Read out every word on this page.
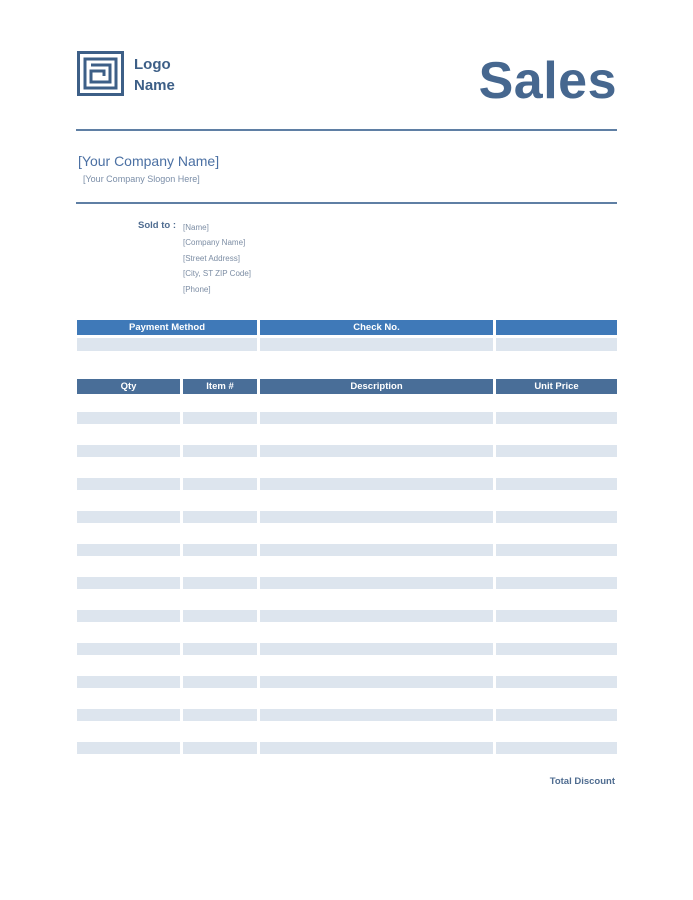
Logo
Name	Sales
[Your Company Name]
[Your Company Slogon Here]
Sold to : [Name]
[Company Name]
[Street Address]
[City, ST ZIP Code]
[Phone]
Payment Method	Check No.
Qty	Item #	Description	Unit Price
Total Discount
